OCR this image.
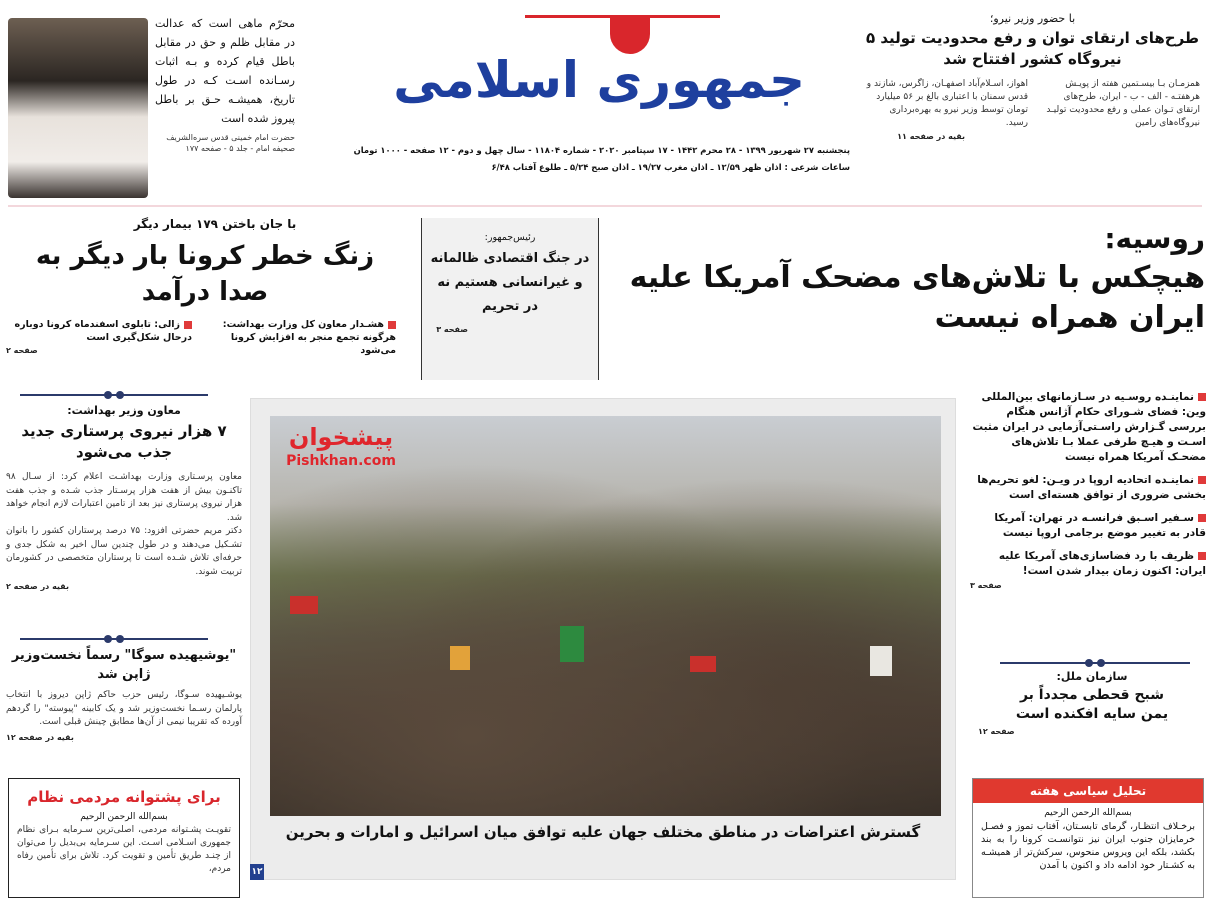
محرّم ماهی است که عدالت در مقابل ظلم و حق در مقابل باطل قیام کرده و بـه اثبات رسـانده اسـت کـه در طول تاریخ، همیشـه حـق بر باطل پیروز شده است

حضرت امام خمینی قدس سره‌الشریف

صحیفه امام - جلد ۵ - صفحه ۱۷۷

جمهوری اسلامی

پنجشنبه ۲۷ شهریور ۱۳۹۹ - ۲۸ محرم ۱۴۴۲ - ۱۷ سپتامبر ۲۰۲۰ - شماره ۱۱۸۰۴ - سال چهل و دوم - ۱۲ صفحه - ۱۰۰۰ تومان

ساعات شرعی : اذان ظهر ۱۲/۵۹ ـ اذان مغرب ۱۹/۲۷ ـ اذان صبح ۵/۲۴ ـ طلوع آفتاب ۶/۴۸

با حضور وزیر نیرو؛

طرح‌های ارتقای توان و رفع محدودیت تولید ۵ نیروگاه کشور افتتاح شد

همزمـان بـا بیسـتمین هفته از پویـش هرهفتـه - الف - ب - ایران، طرح‌های ارتقای تـوان عملی و رفع محدودیت تولیـد نیروگاه‌های رامین

اهواز، اسـلام‌آباد اصفهـان، زاگرس، شازند و قدس سمنان با اعتباری بالغ بر ۵۶ میلیارد تومان توسط وزیر نیرو به بهره‌برداری رسید.

بقیه در صفحه ۱۱

با جان باختن ۱۷۹ بیمار دیگر

زنگ خطر کرونا بار دیگر به صدا درآمد

هشـدار معاون کل وزارت بهداشت: هرگونه تجمع منجر به افزایش کرونا می‌شود

زالی: تابلوی اسفندماه کرونا دوباره درحال شکل‌گیری است

صفحه ۲

رئیس‌جمهور:

در جنگ اقتصادی ظالمانه و غیرانسانی هستیم نه در تحریم

صفحه ۳

روسیه:

هیچکس با تلاش‌های مضحک آمریکا علیه ایران همراه نیست

نماینـده روسـیه در سـازمانهای بین‌المللی وین: فضای شـورای حکام آژانس هنگام بررسی گـزارش راسـتی‌آزمایی در ایران مثبت اسـت و هیـچ طرفی عملا بـا تلاش‌های مضحـک آمریکا همراه نیست

نماینـده اتحادیه اروپا در ویـن: لغو تحریم‌ها بخشی ضروری از توافق هسته‌ای است

سـفیر اسـبق فرانسـه در تهران: آمریکا قادر به تغییر موضع برجامی اروپا نیست

ظریف با رد فضاسازی‌های آمریکا علیه ایران: اکنون زمان بیدار شدن است!

صفحه ۳

پیشخوان
Pishkhan.com

گسترش اعتراضات در مناطق مختلف جهان علیه توافق میان اسرائیل و امارات و بحرین

۱۲

معاون وزیر بهداشت:

۷ هزار نیروی پرستاری جدید جذب می‌شود

معاون پرسـتاری وزارت بهداشـت اعلام کرد: از سـال ۹۸ تاکنـون بیش از هفت هزار پرسـتار جذب شـده و جذب هفت هزار نیروی پرستاری نیز بعد از تامین اعتبارات لازم انجام خواهد شد.

دکتر مریم حضرتی افزود: ۷۵ درصد پرستاران کشور را بانوان تشـکیل می‌دهند و در طول چندین سال اخیر به شکل جدی و حرفه‌ای تلاش شـده است تا پرستاران متخصصی در کشورمان تربیت شوند.

بقیه در صفحه ۲

"یوشیهیده سوگا" رسماً نخست‌وزیر ژاپن شد

یوشـیهیده سـوگا، رئیس حزب حاکم ژاپن دیروز با انتخاب پارلمان رسـما نخست‌وزیر شد و یک کابینه "پیوسته" را گردهم آورده که تقریبا نیمی از آن‌ها مطابق چینش قبلی است.

بقیه در صفحه ۱۲

برای پشتوانه مردمی نظام

بسم‌الله الرحمن الرحیم

تقویـت پشـتوانه مردمی، اصلی‌ترین سـرمایه بـرای نظام جمهوری اسـلامی اسـت. این سـرمایه بی‌بدیل را می‌توان از چنـد طریق تأمین و تقویت کرد. تلاش برای تأمین رفاه مردم،

سازمان ملل:

شبح قحطی مجدداً بر یمن سایه افکنده است

صفحه ۱۲

تحلیل سیاسی هفته

بسم‌الله الرحمن الرحیم

برخـلاف انتظـار، گرمای تابسـتان، آفتاب تموز و فصـل خرمایزان جنوب ایران نیز نتوانسـت کرونا را به بند بکشد، بلکه این ویروس منحوس، سرکش‌تر از همیشـه به کشـتار خود ادامه داد و اکنون با آمدن
